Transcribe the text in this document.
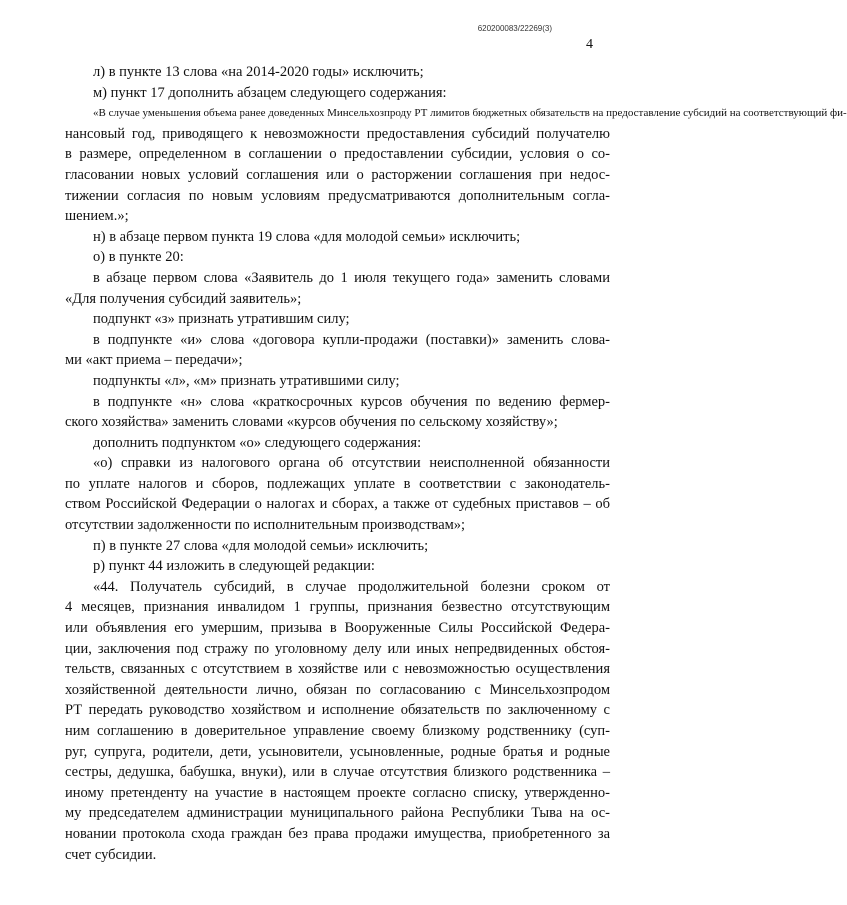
620200083/22269(3)
4
л) в пункте 13 слова «на 2014-2020 годы» исключить;
м) пункт 17 дополнить абзацем следующего содержания:
«В случае уменьшения объема ранее доведенных Минсельхозпроду РТ лимитов бюджетных обязательств на предоставление субсидий на соответствующий фи-
нансовый год, приводящего к невозможности предоставления субсидий получателю
в размере, определенном в соглашении о предоставлении субсидии, условия о со-
гласовании новых условий соглашения или о расторжении соглашения при недос-
тижении согласия по новым условиям предусматриваются дополнительным согла-
шением.»;
н) в абзаце первом пункта 19 слова «для молодой семьи» исключить;
о) в пункте 20:
в абзаце первом слова «Заявитель до 1 июля текущего года» заменить словами
«Для получения субсидий заявитель»;
подпункт «з» признать утратившим силу;
в подпункте «и» слова «договора купли-продажи (поставки)» заменить слова-
ми «акт приема – передачи»;
подпункты «л», «м» признать утратившими силу;
в подпункте «н» слова «краткосрочных курсов обучения по ведению фермер-
ского хозяйства» заменить словами «курсов обучения по сельскому хозяйству»;
дополнить подпунктом «о» следующего содержания:
«о) справки из налогового органа об отсутствии неисполненной обязанности
по уплате налогов и сборов, подлежащих уплате в соответствии с законодатель-
ством Российской Федерации о налогах и сборах, а также от судебных приставов – об
отсутствии задолженности по исполнительным производствам»;
п) в пункте 27 слова «для молодой семьи» исключить;
р) пункт 44 изложить в следующей редакции:
«44. Получатель субсидий, в случае продолжительной болезни сроком от
4 месяцев, признания инвалидом 1 группы, признания безвестно отсутствующим
или объявления его умершим, призыва в Вооруженные Силы Российской Федера-
ции, заключения под стражу по уголовному делу или иных непредвиденных обстоя-
тельств, связанных с отсутствием в хозяйстве или с невозможностью осуществления
хозяйственной деятельности лично, обязан по согласованию с Минсельхозпродом
РТ передать руководство хозяйством и исполнение обязательств по заключенному с
ним соглашению в доверительное управление своему близкому родственнику (суп-
руг, супруга, родители, дети, усыновители, усыновленные, родные братья и родные
сестры, дедушка, бабушка, внуки), или в случае отсутствия близкого родственника –
иному претенденту на участие в настоящем проекте согласно списку, утвержденно-
му председателем администрации муниципального района Республики Тыва на ос-
новании протокола схода граждан без права продажи имущества, приобретенного за
счет субсидии.
